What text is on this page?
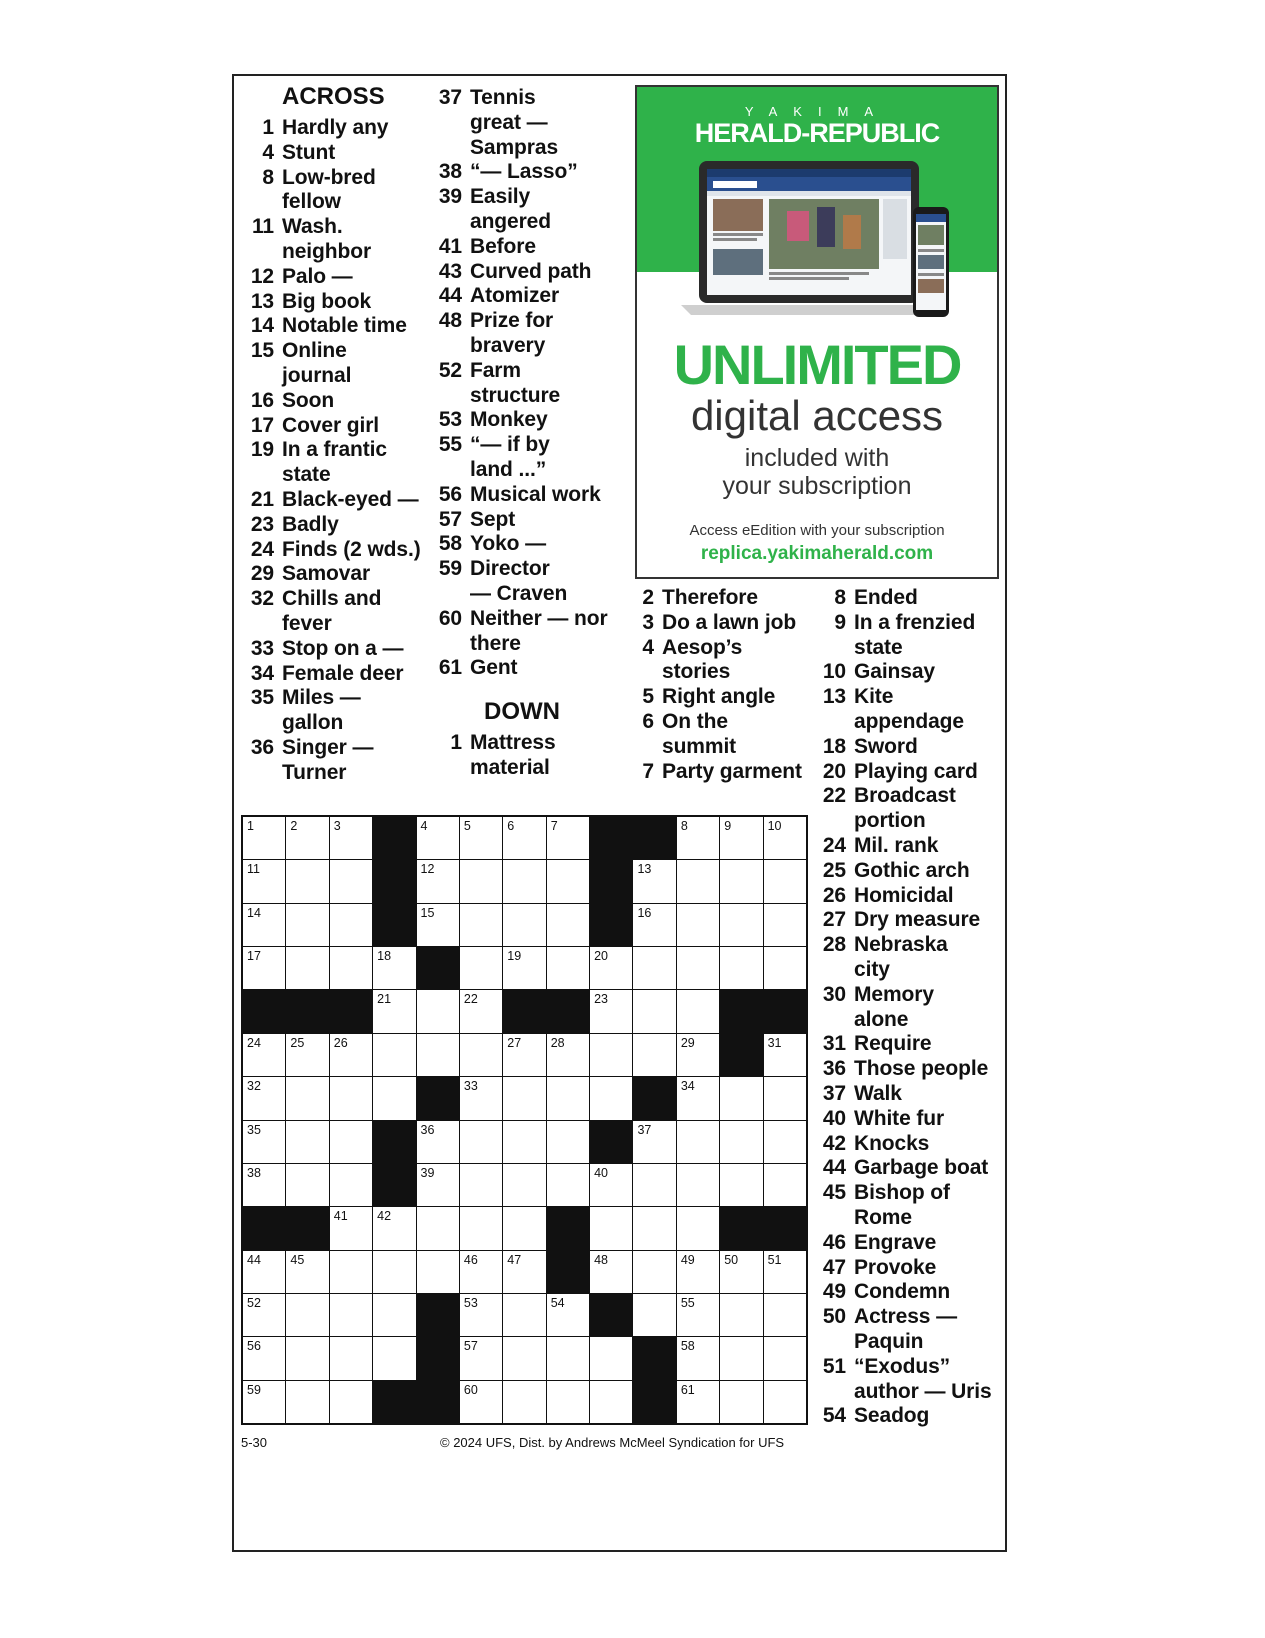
ACROSS
1 Hardly any
4 Stunt
8 Low-bred
fellow
11 Wash.
neighbor
12 Palo —
13 Big book
14 Notable time
15 Online
journal
16 Soon
17 Cover girl
19 In a frantic
state
21 Black-eyed —
23 Badly
24 Finds (2 wds.)
29 Samovar
32 Chills and
fever
33 Stop on a —
34 Female deer
35 Miles —
gallon
36 Singer —
Turner
37 Tennis
great —
Sampras
38 “— Lasso”
39 Easily
angered
41 Before
43 Curved path
44 Atomizer
48 Prize for
bravery
52 Farm
structure
53 Monkey
55 “— if by
land ...”
56 Musical work
57 Sept
58 Yoko —
59 Director
— Craven
60 Neither — nor
there
61 Gent
DOWN
1 Mattress
material
2 Therefore
3 Do a lawn job
4 Aesop’s
stories
5 Right angle
6 On the
summit
7 Party garment
8 Ended
9 In a frenzied
state
10 Gainsay
13 Kite
appendage
18 Sword
20 Playing card
22 Broadcast
portion
24 Mil. rank
25 Gothic arch
26 Homicidal
27 Dry measure
28 Nebraska
city
30 Memory
alone
31 Require
36 Those people
37 Walk
40 White fur
42 Knocks
44 Garbage boat
45 Bishop of
Rome
46 Engrave
47 Provoke
49 Condemn
50 Actress —
Paquin
51 “Exodus”
author — Uris
54 Seadog
YAKIMA
HERALD-REPUBLIC
UNLIMITED
digital access
included with
your subscription
Access eEdition with your subscription
replica.yakimaherald.com
1	2	3	4	5	6	7	8	9	10
11	12	13
14	15	16
17	18	19	20
21	22	23
24 25 26	27 28	29	31
32	33	34
35	36	37
38	39	40
41 42
44 45	46 47	48	49 50 51
52	53	54	55
56	57	58
59	60	61
5-30	© 2024 UFS, Dist. by Andrews McMeel Syndication for UFS
